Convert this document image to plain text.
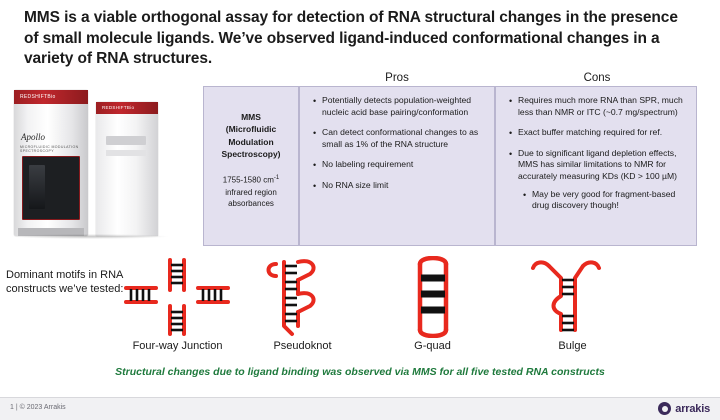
MMS is a viable orthogonal assay for detection of RNA structural changes in the presence of small molecule ligands. We’ve observed ligand-induced conformational changes in a variety of RNA structures.
Pros	Cons
REDSHIFTBio
Apollo
MICROFLUIDIC MODULATION SPECTROSCOPY
REDSHIFTBio
MMS
(Microfluidic Modulation Spectroscopy)
1755-1580 $cm^{-1}$
infrared region absorbances
• Potentially detects population-weighted nucleic acid base pairing/conformation
• Can detect conformational changes to as small as 1% of the RNA structure
• No labeling requirement
• No RNA size limit
• Requires much more RNA than SPR, much less than NMR or ITC (~0.7 mg/spectrum)
• Exact buffer matching required for ref.
• Due to significant ligand depletion effects, MMS has similar limitations to NMR for accurately measuring KDs (KD > 100 µM)
• May be very good for fragment-based drug discovery though!
Dominant motifs in RNA constructs we’ve tested:
Four-way Junction	Pseudoknot	G-quad	Bulge
Structural changes due to ligand binding was observed via MMS for all five tested RNA constructs
1 | © 2023 Arrakis	arrakis
